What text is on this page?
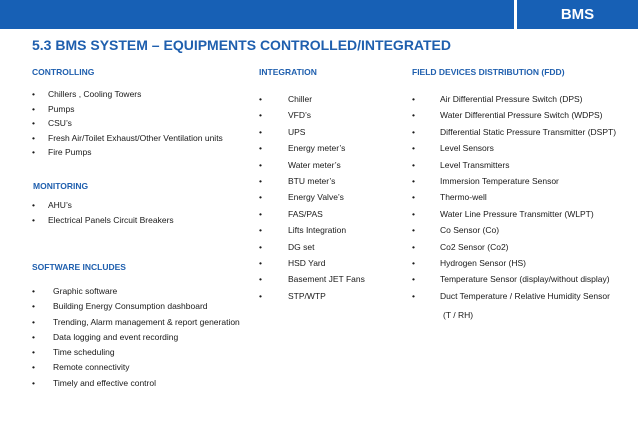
BMS
5.3 BMS SYSTEM – EQUIPMENTS CONTROLLED/INTEGRATED
CONTROLLING
• Chillers , Cooling Towers
• Pumps
• CSU’s
• Fresh Air/Toilet Exhaust/Other Ventilation units
• Fire Pumps
MONITORING
• AHU’s
• Electrical Panels Circuit Breakers
SOFTWARE INCLUDES
• Graphic software
• Building Energy Consumption dashboard
• Trending, Alarm management & report generation
• Data logging and event recording
• Time scheduling
• Remote connectivity
• Timely and effective control
INTEGRATION
•	Chiller
•	VFD’s
•	UPS
•	Energy meter’s
•	Water meter’s
•	BTU meter’s
•	Energy Valve’s
•	FAS/PAS
•	Lifts Integration
•	DG set
•	HSD Yard
•	Basement JET Fans
•	STP/WTP
FIELD DEVICES DISTRIBUTION (FDD)
•	Air Differential Pressure Switch (DPS)
•	Water Differential Pressure Switch (WDPS)
•	Differential Static Pressure Transmitter (DSPT)
•	Level Sensors
•	Level Transmitters
•	Immersion Temperature Sensor
•	Thermo-well
•	Water Line Pressure Transmitter (WLPT)
•	Co Sensor (Co)
•	Co2 Sensor (Co2)
•	Hydrogen Sensor (HS)
•	Temperature Sensor (display/without display)
•	Duct Temperature / Relative Humidity Sensor
(T / RH)
